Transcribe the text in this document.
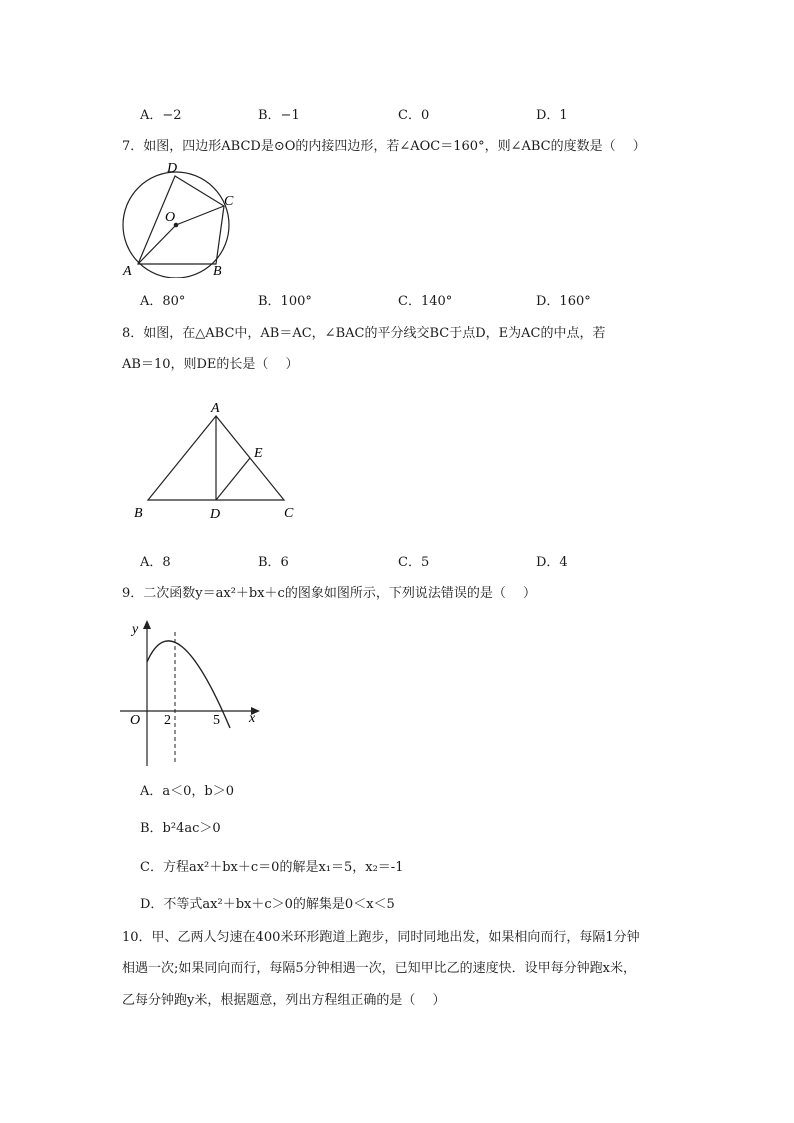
A．−2	B．−1	C．0	D．1
7．如图，四边形ABCD是⊙O的内接四边形，若∠AOC＝160°，则∠ABC的度数是（　 ）
D
C
O
A	B
A．80°	B．100°	C．140°	D．160°
8．如图，在△ABC中，AB＝AC，∠BAC的平分线交BC于点D，E为AC的中点，若
AB＝10，则DE的长是（　 ）
A
E
B	D	C
A．8	B．6	C．5	D．4
9．二次函数y＝ax²＋bx＋c的图象如图所示，下列说法错误的是（　 ）
y
x
O 2	5
A．a＜0，b＞0
B．b²4ac＞0
C．方程ax²＋bx＋c＝0的解是x₁＝5，x₂＝-1
D．不等式ax²＋bx＋c＞0的解集是0＜x＜5
10．甲、乙两人匀速在400米环形跑道上跑步，同时同地出发，如果相向而行，每隔1分钟
相遇一次;如果同向而行，每隔5分钟相遇一次，已知甲比乙的速度快．设甲每分钟跑x米，
乙每分钟跑y米，根据题意，列出方程组正确的是（　 ）
